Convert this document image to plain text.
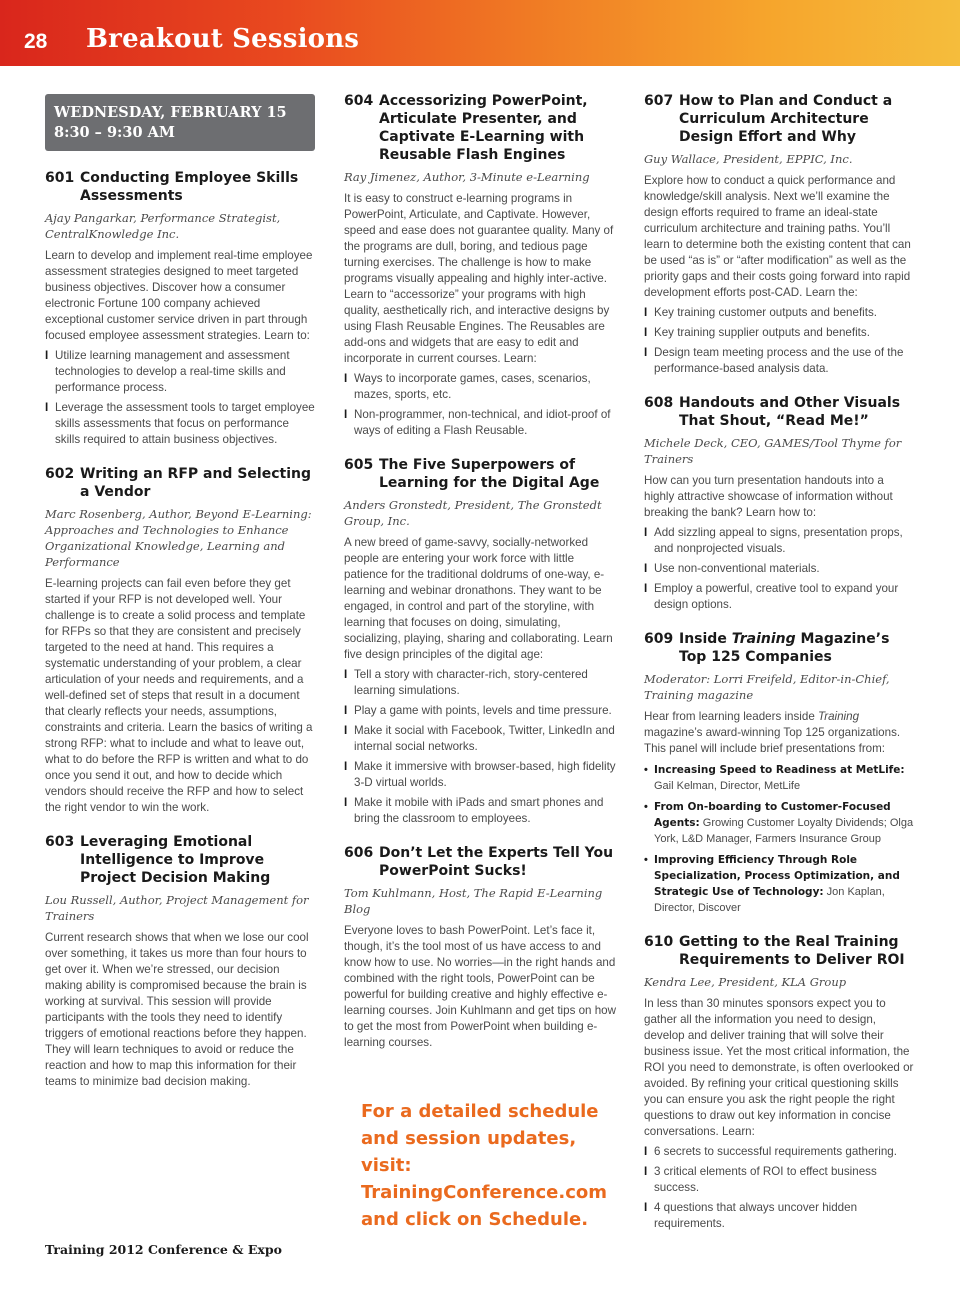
28 Breakout Sessions
WEDNESDAY, FEBRUARY 15
8:30 – 9:30 AM
601 Conducting Employee Skills Assessments
Ajay Pangarkar, Performance Strategist, CentralKnowledge Inc.
Learn to develop and implement real-time employee assessment strategies designed to meet targeted business objectives. Discover how a consumer electronic Fortune 100 company achieved exceptional customer service driven in part through focused employee assessment strategies. Learn to:
I Utilize learning management and assessment technologies to develop a real-time skills and performance process.
I Leverage the assessment tools to target employee skills assessments that focus on performance skills required to attain business objectives.
602 Writing an RFP and Selecting a Vendor
Marc Rosenberg, Author, Beyond E-Learning: Approaches and Technologies to Enhance Organizational Knowledge, Learning and Performance
E-learning projects can fail even before they get started if your RFP is not developed well. Your challenge is to create a solid process and template for RFPs so that they are consistent and precisely targeted to the need at hand. This requires a systematic understanding of your problem, a clear articulation of your needs and requirements, and a well-defined set of steps that result in a document that clearly reflects your needs, assumptions, constraints and criteria. Learn the basics of writing a strong RFP: what to include and what to leave out, what to do before the RFP is written and what to do once you send it out, and how to decide which vendors should receive the RFP and how to select the right vendor to win the work.
603 Leveraging Emotional Intelligence to Improve Project Decision Making
Lou Russell, Author, Project Management for Trainers
Current research shows that when we lose our cool over something, it takes us more than four hours to get over it. When we’re stressed, our decision making ability is compromised because the brain is working at survival. This session will provide participants with the tools they need to identify triggers of emotional reactions before they happen. They will learn techniques to avoid or reduce the reaction and how to map this information for their teams to minimize bad decision making.
604 Accessorizing PowerPoint, Articulate Presenter, and Captivate E-Learning with Reusable Flash Engines
Ray Jimenez, Author, 3-Minute e-Learning
It is easy to construct e-learning programs in PowerPoint, Articulate, and Captivate. However, speed and ease does not guarantee quality. Many of the programs are dull, boring, and tedious page turning exercises. The challenge is how to make programs visually appealing and highly inter-active. Learn to “accessorize” your programs with high quality, aesthetically rich, and interactive designs by using Flash Reusable Engines. The Reusables are add-ons and widgets that are easy to edit and incorporate in current courses. Learn:
I Ways to incorporate games, cases, scenarios, mazes, sports, etc.
I Non-programmer, non-technical, and idiot-proof of ways of editing a Flash Reusable.
605 The Five Superpowers of Learning for the Digital Age
Anders Gronstedt, President, The Gronstedt Group, Inc.
A new breed of game-savvy, socially-networked people are entering your work force with little patience for the traditional doldrums of one-way, e-learning and webinar dronathons. They want to be engaged, in control and part of the storyline, with learning that focuses on doing, simulating, socializing, playing, sharing and collaborating. Learn five design principles of the digital age:
I Tell a story with character-rich, story-centered learning simulations.
I Play a game with points, levels and time pressure.
I Make it social with Facebook, Twitter, LinkedIn and internal social networks.
I Make it immersive with browser-based, high fidelity 3-D virtual worlds.
I Make it mobile with iPads and smart phones and bring the classroom to employees.
606 Don’t Let the Experts Tell You PowerPoint Sucks!
Tom Kuhlmann, Host, The Rapid E-Learning Blog
Everyone loves to bash PowerPoint. Let’s face it, though, it’s the tool most of us have access to and know how to use. No worries—in the right hands and combined with the right tools, PowerPoint can be powerful for building creative and highly effective e-learning courses. Join Kuhlmann and get tips on how to get the most from PowerPoint when building e-learning courses.
607 How to Plan and Conduct a Curriculum Architecture Design Effort and Why
Guy Wallace, President, EPPIC, Inc.
Explore how to conduct a quick performance and knowledge/skill analysis. Next we’ll examine the design efforts required to frame an ideal-state curriculum architecture and training paths. You’ll learn to determine both the existing content that can be used “as is” or “after modification” as well as the priority gaps and their costs going forward into rapid development efforts post-CAD. Learn the:
I Key training customer outputs and benefits.
I Key training supplier outputs and benefits.
I Design team meeting process and the use of the performance-based analysis data.
608 Handouts and Other Visuals That Shout, “Read Me!”
Michele Deck, CEO, GAMES/Tool Thyme for Trainers
How can you turn presentation handouts into a highly attractive showcase of information without breaking the bank? Learn how to:
I Add sizzling appeal to signs, presentation props, and nonprojected visuals.
I Use non-conventional materials.
I Employ a powerful, creative tool to expand your design options.
609 Inside Training Magazine’s Top 125 Companies
Moderator: Lorri Freifeld, Editor-in-Chief,
Training magazine
Hear from learning leaders inside Training magazine’s award-winning Top 125 organizations. This panel will include brief presentations from:
• Increasing Speed to Readiness at MetLife: Gail Kelman, Director, MetLife
• From On-boarding to Customer-Focused Agents: Growing Customer Loyalty Dividends; Olga York, L&D Manager, Farmers Insurance Group
• Improving Efficiency Through Role Specialization, Process Optimization, and Strategic Use of Technology: Jon Kaplan, Director, Discover
610 Getting to the Real Training Requirements to Deliver ROI
Kendra Lee, President, KLA Group
In less than 30 minutes sponsors expect you to gather all the information you need to design, develop and deliver training that will solve their business issue. Yet the most critical information, the ROI you need to demonstrate, is often overlooked or avoided. By refining your critical questioning skills you can ensure you ask the right people the right questions to draw out key information in concise conversations. Learn:
I 6 secrets to successful requirements gathering.
I 3 critical elements of ROI to effect business success.
I 4 questions that always uncover hidden requirements.
For a detailed schedule
and session updates, visit:
TrainingConference.com
and click on Schedule.
Training 2012 Conference & Expo
